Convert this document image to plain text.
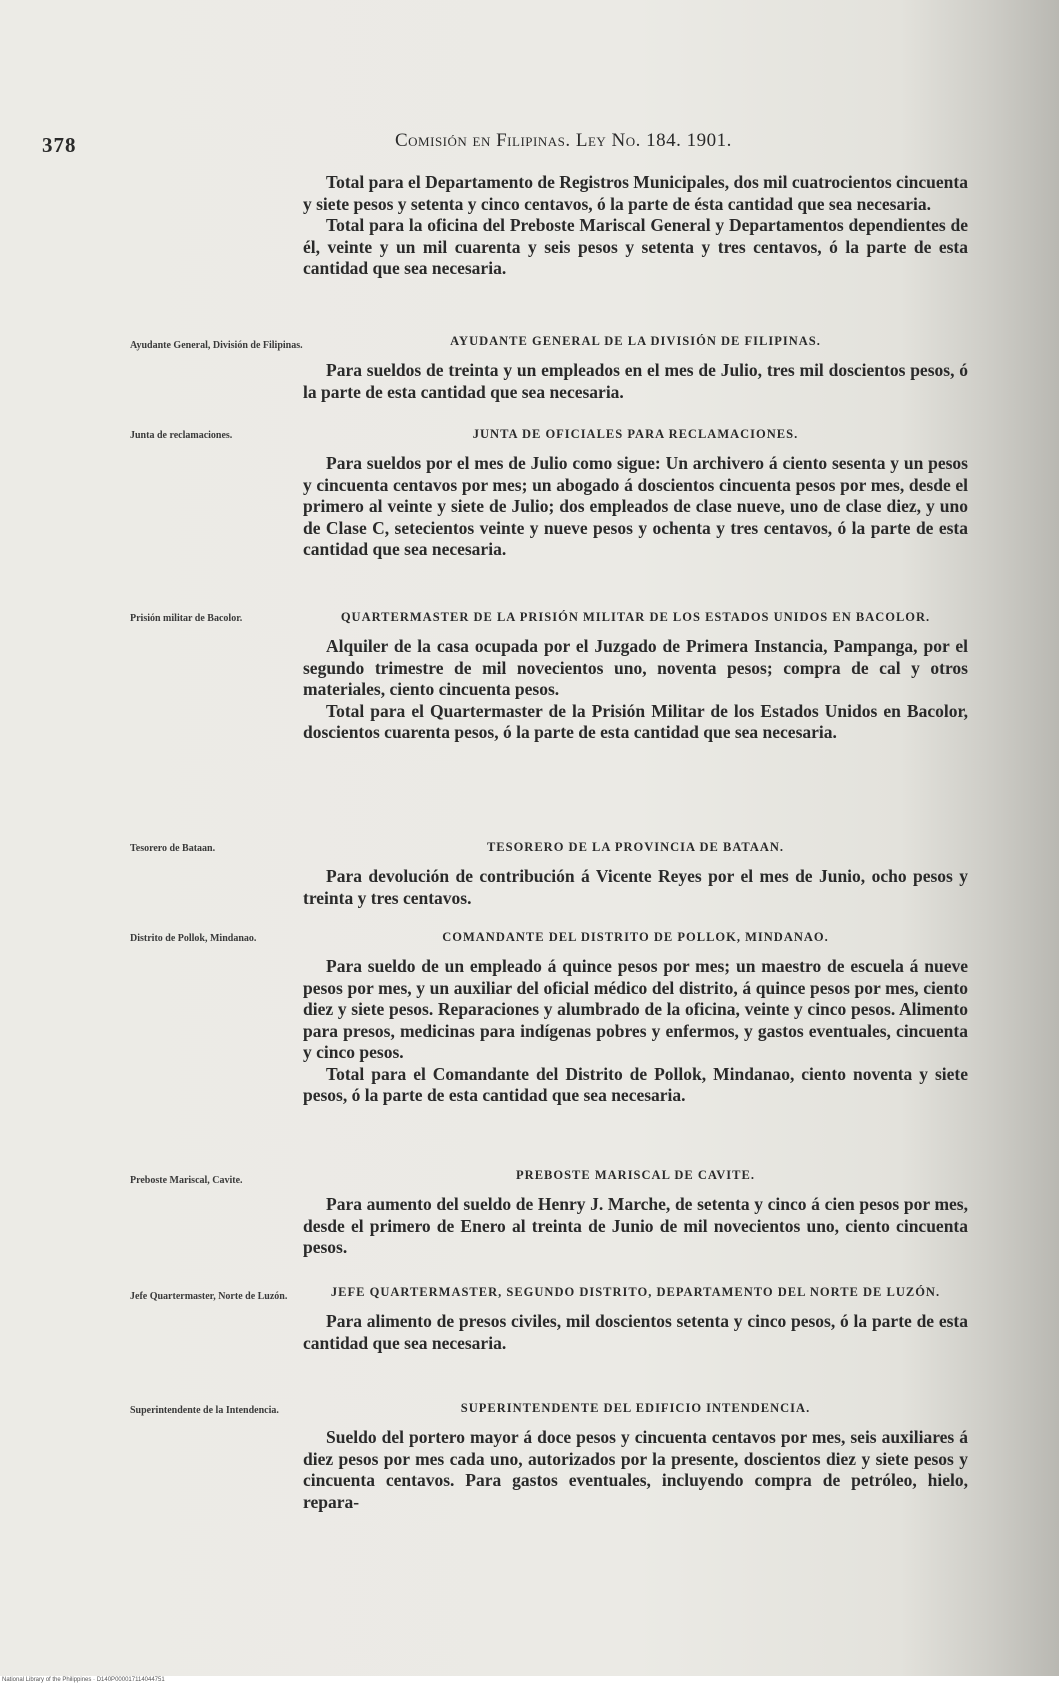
378	Comisión en Filipinas. Ley No. 184. 1901.

Total para el Departamento de Registros Municipales, dos mil cuatrocientos cincuenta y siete pesos y setenta y cinco centavos, ó la parte de ésta cantidad que sea necesaria.

Total para la oficina del Preboste Mariscal General y Departamentos dependientes de él, veinte y un mil cuarenta y seis pesos y setenta y tres centavos, ó la parte de esta cantidad que sea necesaria.

Ayudante General, División de Filipinas.	AYUDANTE GENERAL DE LA DIVISIÓN DE FILIPINAS.

Para sueldos de treinta y un empleados en el mes de Julio, tres mil doscientos pesos, ó la parte de esta cantidad que sea necesaria.

Junta de reclamaciones.	JUNTA DE OFICIALES PARA RECLAMACIONES.

Para sueldos por el mes de Julio como sigue: Un archivero á ciento sesenta y un pesos y cincuenta centavos por mes; un abogado á doscientos cincuenta pesos por mes, desde el primero al veinte y siete de Julio; dos empleados de clase nueve, uno de clase diez, y uno de Clase C, setecientos veinte y nueve pesos y ochenta y tres centavos, ó la parte de esta cantidad que sea necesaria.

Prisión militar de Bacolor.	QUARTERMASTER DE LA PRISIÓN MILITAR DE LOS ESTADOS UNIDOS EN BACOLOR.

Alquiler de la casa ocupada por el Juzgado de Primera Instancia, Pampanga, por el segundo trimestre de mil novecientos uno, noventa pesos; compra de cal y otros materiales, ciento cincuenta pesos.

Total para el Quartermaster de la Prisión Militar de los Estados Unidos en Bacolor, doscientos cuarenta pesos, ó la parte de esta cantidad que sea necesaria.

Tesorero de Bataan.	TESORERO DE LA PROVINCIA DE BATAAN.

Para devolución de contribución á Vicente Reyes por el mes de Junio, ocho pesos y treinta y tres centavos.

Distrito de Pollok, Mindanao.	COMANDANTE DEL DISTRITO DE POLLOK, MINDANAO.

Para sueldo de un empleado á quince pesos por mes; un maestro de escuela á nueve pesos por mes, y un auxiliar del oficial médico del distrito, á quince pesos por mes, ciento diez y siete pesos. Reparaciones y alumbrado de la oficina, veinte y cinco pesos. Alimento para presos, medicinas para indígenas pobres y enfermos, y gastos eventuales, cincuenta y cinco pesos.

Total para el Comandante del Distrito de Pollok, Mindanao, ciento noventa y siete pesos, ó la parte de esta cantidad que sea necesaria.

Preboste Mariscal, Cavite.	PREBOSTE MARISCAL DE CAVITE.

Para aumento del sueldo de Henry J. Marche, de setenta y cinco á cien pesos por mes, desde el primero de Enero al treinta de Junio de mil novecientos uno, ciento cincuenta pesos.

Jefe Quartermaster, Norte de Luzón.	JEFE QUARTERMASTER, SEGUNDO DISTRITO, DEPARTAMENTO DEL NORTE DE LUZÓN.

Para alimento de presos civiles, mil doscientos setenta y cinco pesos, ó la parte de esta cantidad que sea necesaria.

Superintendente de la Intendencia.	SUPERINTENDENTE DEL EDIFICIO INTENDENCIA.

Sueldo del portero mayor á doce pesos y cincuenta centavos por mes, seis auxiliares á diez pesos por mes cada uno, autorizados por la presente, doscientos diez y siete pesos y cincuenta centavos. Para gastos eventuales, incluyendo compra de petróleo, hielo, repara-

National Library of the Philippines · D140P000017114044751
